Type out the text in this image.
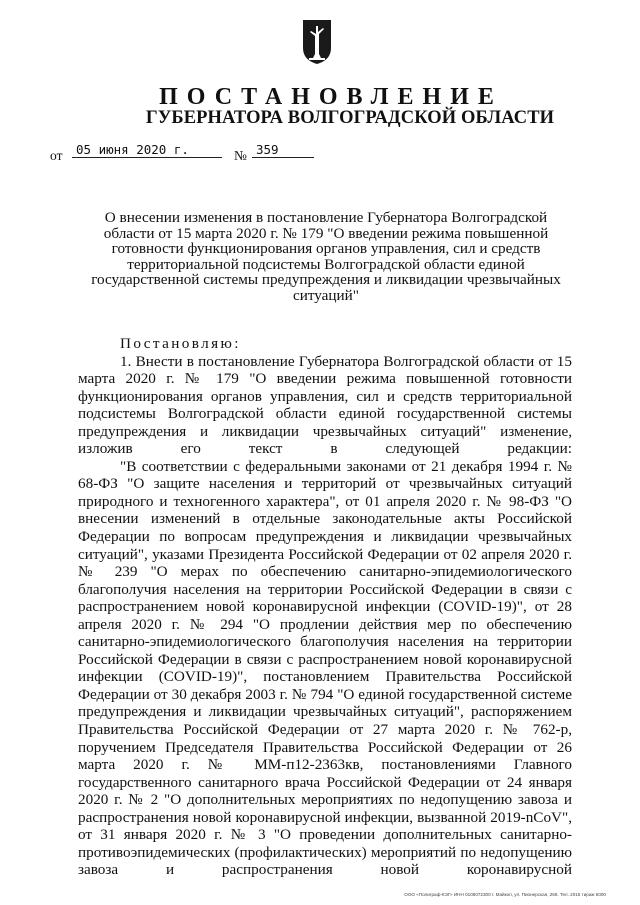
ПОСТАНОВЛЕНИЕ
ГУБЕРНАТОРА ВОЛГОГРАДСКОЙ ОБЛАСТИ
от	05 июня 2020 г.	№ 359
О внесении изменения в постановление Губернатора Волгоградской области от 15 марта 2020 г. № 179 "О введении режима повышенной готовности функционирования органов управления, сил и средств территориальной подсистемы Волгоградской области единой государственной системы предупреждения и ликвидации чрезвычайных ситуаций"

Постановляю:

1. Внести в постановление Губернатора Волгоградской области от 15 марта 2020 г. № 179 "О введении режима повышенной готовности функционирования органов управления, сил и средств территориальной подсистемы Волгоградской области единой государственной системы предупреждения и ликвидации чрезвычайных ситуаций" изменение, изложив его текст в следующей редакции:

"В соответствии с федеральными законами от 21 декабря 1994 г. № 68-ФЗ "О защите населения и территорий от чрезвычайных ситуаций природного и техногенного характера", от 01 апреля 2020 г. № 98-ФЗ "О внесении изменений в отдельные законодательные акты Российской Федерации по вопросам предупреждения и ликвидации чрезвычайных ситуаций", указами Президента Российской Федерации от 02 апреля 2020 г. № 239 "О мерах по обеспечению санитарно-эпидемиологического благополучия населения на территории Российской Федерации в связи с распространением новой коронавирусной инфекции (COVID-19)", от 28 апреля 2020 г. № 294 "О продлении действия мер по обеспечению санитарно-эпидемиологического благополучия населения на территории Российской Федерации в связи с распространением новой коронавирусной инфекции (COVID-19)", постановлением Правительства Российской Федерации от 30 декабря 2003 г. № 794 "О единой государственной системе предупреждения и ликвидации чрезвычайных ситуаций", распоряжением Правительства Российской Федерации от 27 марта 2020 г. № 762-р, поручением Председателя Правительства Российской Федерации от 26 марта 2020 г. № ММ-п12-2363кв, постановлениями Главного государственного санитарного врача Российской Федерации от 24 января 2020 г. № 2 "О дополнительных мероприятиях по недопущению завоза и распространения новой коронавирусной инфекции, вызванной 2019-nCoV", от 31 января 2020 г. № 3 "О проведении дополнительных санитарно-противоэпидемических (профилактических) мероприятий по недопущению завоза и распространения новой коронавирусной

ООО «Полиграф-КЭГ» ИНН 0105072300 г. Майкоп, ул. Пионерская, 268. Тел. 2015 тираж 5000
